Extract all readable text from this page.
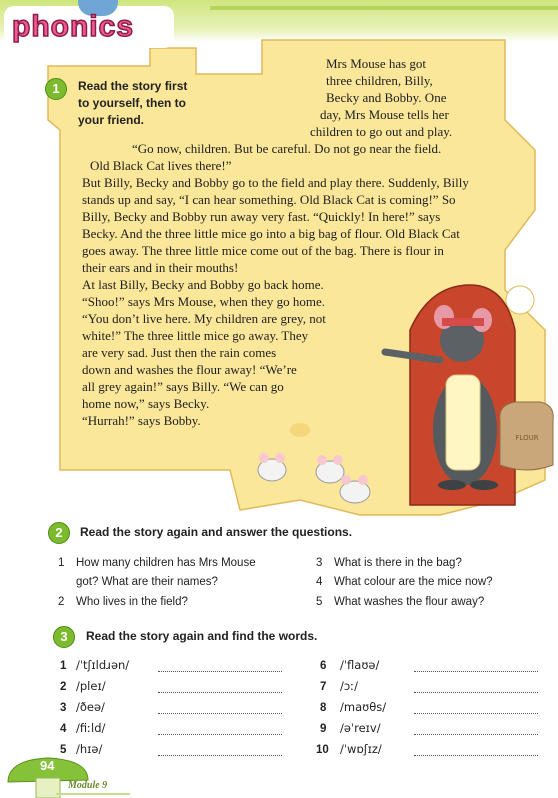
FLOUR
phonics
1	Read the story first
to yourself, then to
your friend.
Mrs Mouse has got
three children, Billy,
Becky and Bobby. One
day, Mrs Mouse tells her
children to go out and play.
“Go now, children. But be careful. Do not go near the field.
Old Black Cat lives there!”
But Billy, Becky and Bobby go to the field and play there. Suddenly, Billy
stands up and say, “I can hear something. Old Black Cat is coming!” So
Billy, Becky and Bobby run away very fast. “Quickly! In here!” says
Becky. And the three little mice go into a big bag of flour. Old Black Cat
goes away. The three little mice come out of the bag. There is flour in
their ears and in their mouths!
At last Billy, Becky and Bobby go back home.
“Shoo!” says Mrs Mouse, when they go home.
“You don’t live here. My children are grey, not
white!” The three little mice go away. They
are very sad. Just then the rain comes
down and washes the flour away! “We’re
all grey again!” says Billy. “We can go
home now,” says Becky.
“Hurrah!” says Bobby.
2	Read the story again and answer the questions.
1 How many children has Mrs Mouse
got? What are their names?
2 Who lives in the field?
3 What is there in the bag?
4 What colour are the mice now?
5 What washes the flour away?
3	Read the story again and find the words.
1 /ˈtʃɪldɹən/
2 /pleɪ/
3 /ðeə/
4 /fiːld/
5 /hɪə/
6 /ˈflaʊə/
7 /ɔː/
8 /maʊθs/
9 /əˈreɪv/
10 /ˈwɒʃɪz/
94
Module 9
